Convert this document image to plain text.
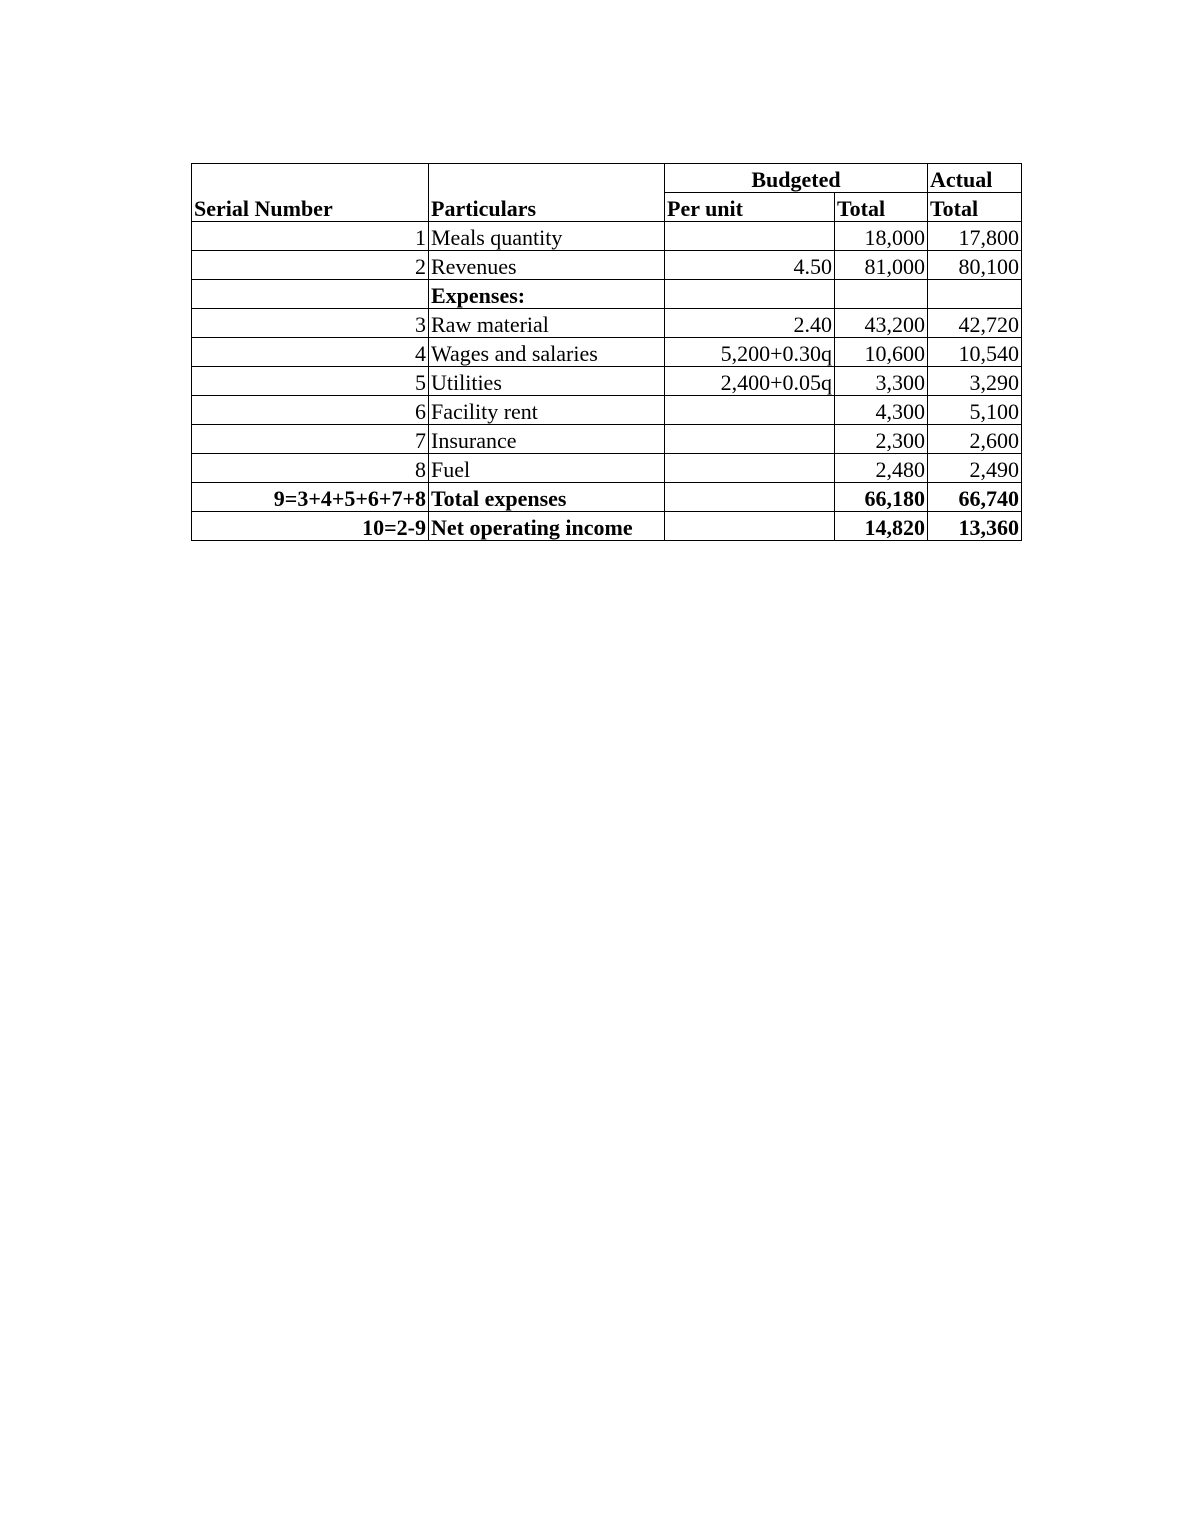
Serial Number	Particulars	Budgeted		Actual
		Per unit	Total	Total
1	Meals quantity		18,000	17,800
2	Revenues	4.50	81,000	80,100
	Expenses:			
3	Raw material	2.40	43,200	42,720
4	Wages and salaries	5,200+0.30q	10,600	10,540
5	Utilities	2,400+0.05q	3,300	3,290
6	Facility rent		4,300	5,100
7	Insurance		2,300	2,600
8	Fuel		2,480	2,490
9=3+4+5+6+7+8	Total expenses		66,180	66,740
10=2-9	Net operating income		14,820	13,360
